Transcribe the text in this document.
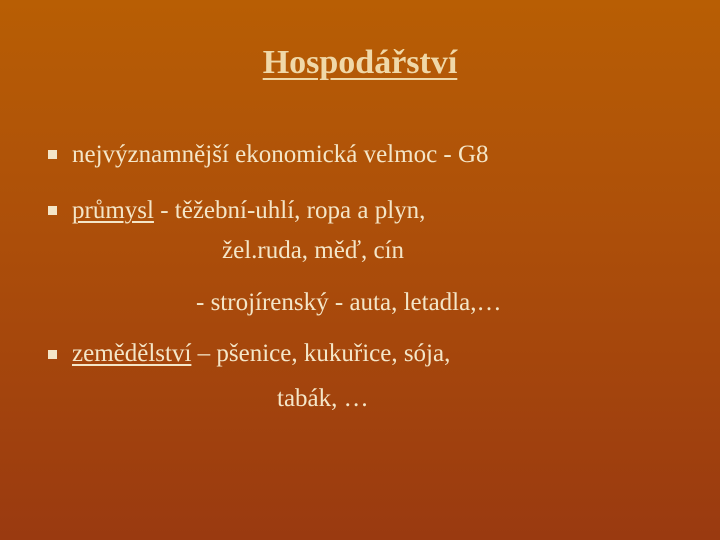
Hospodářství
nejvýznamnější ekonomická velmoc - G8
průmysl - těžební-uhlí, ropa a plyn,
žel.ruda, měď, cín
- strojírenský - auta, letadla,…
zemědělství – pšenice, kukuřice, sója,
tabák, …
